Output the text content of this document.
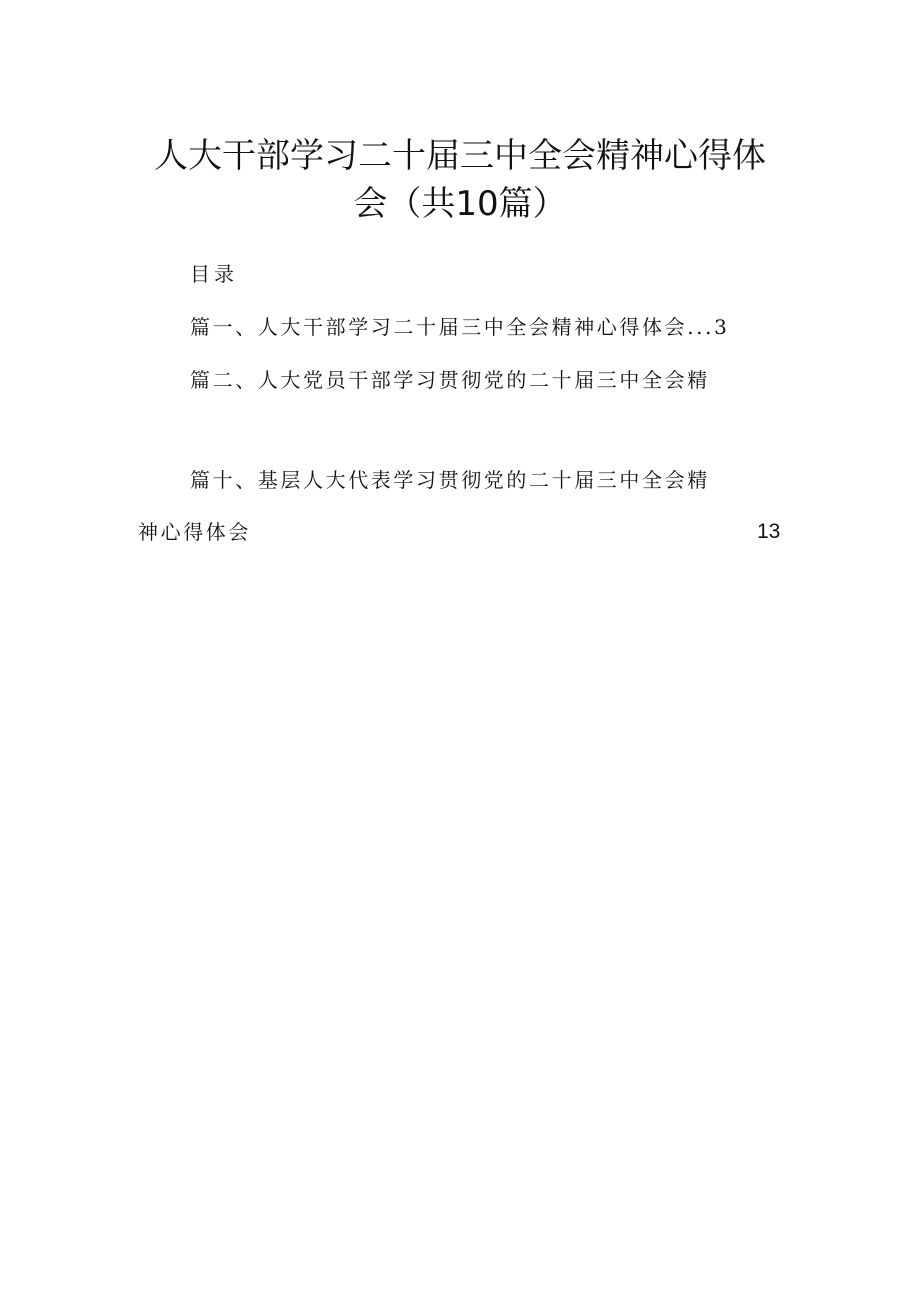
人大干部学习二十届三中全会精神心得体
会（共10篇）
目录
篇一、人大干部学习二十届三中全会精神心得体会...3
篇二、人大党员干部学习贯彻党的二十届三中全会精
篇十、基层人大代表学习贯彻党的二十届三中全会精
神心得体会	13
